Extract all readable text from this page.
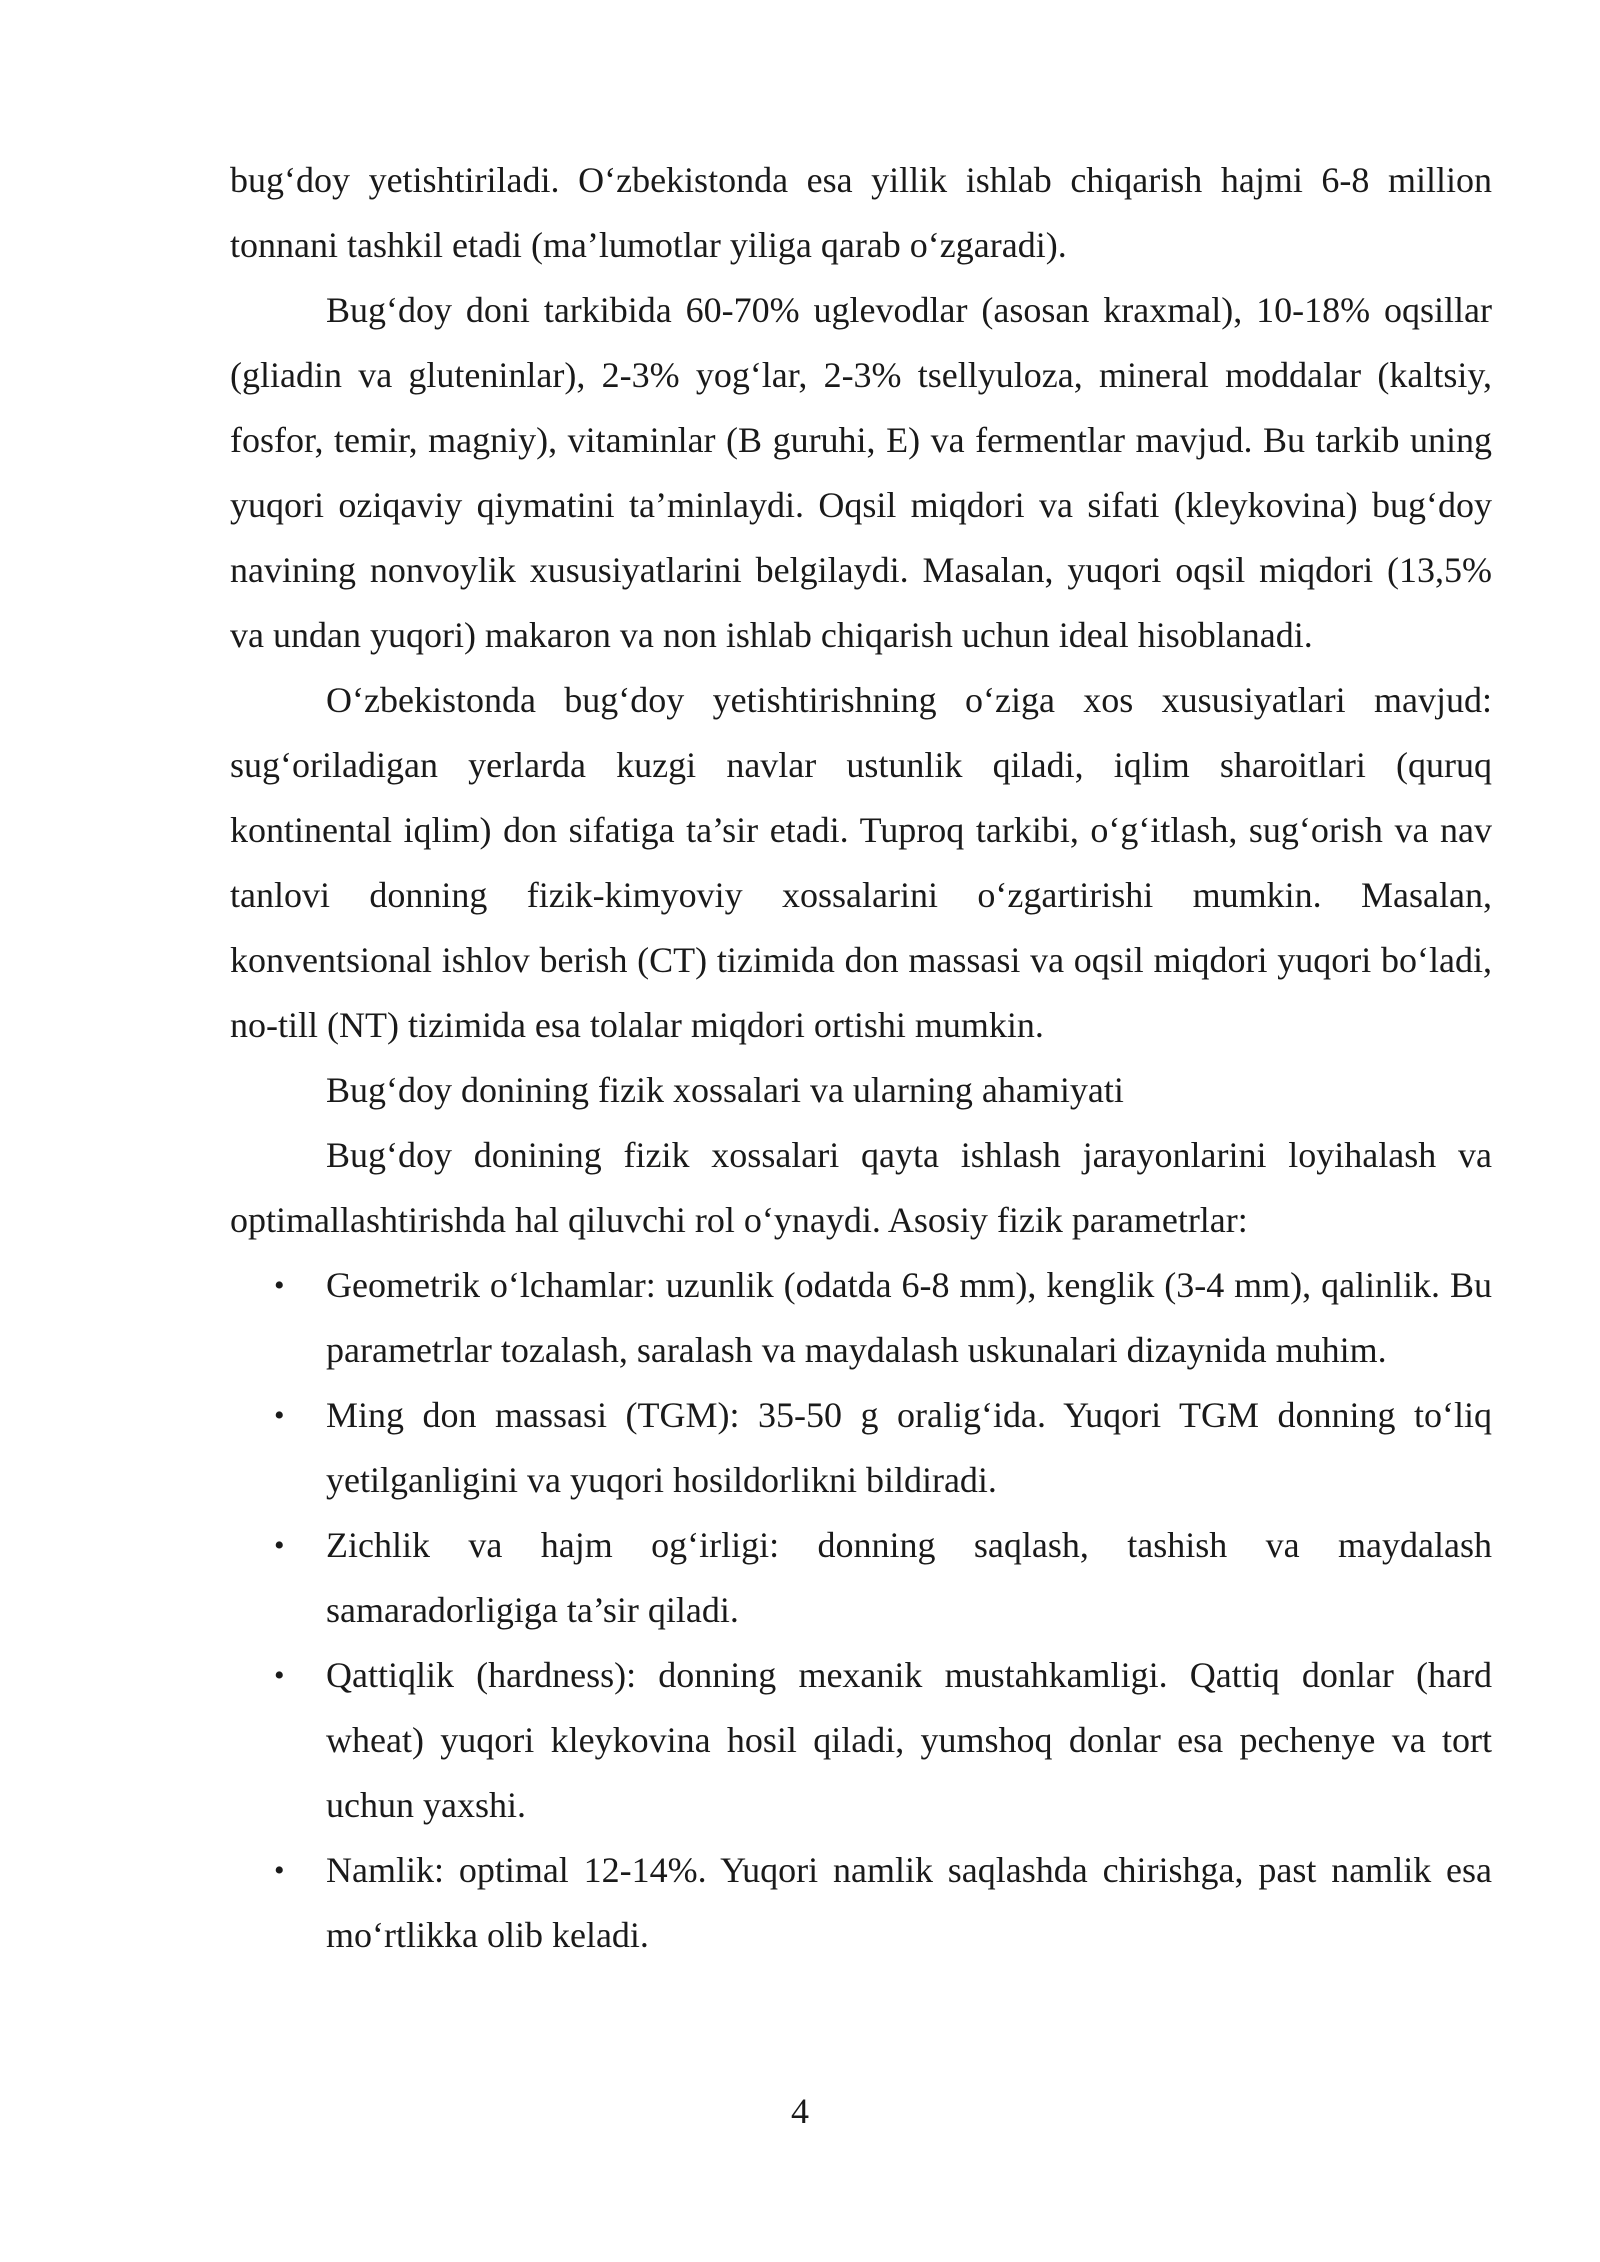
bug‘doy yetishtiriladi. O‘zbekistonda esa yillik ishlab chiqarish hajmi 6-8 million tonnani tashkil etadi (ma’lumotlar yiliga qarab o‘zgaradi).

Bug‘doy doni tarkibida 60-70% uglevodlar (asosan kraxmal), 10-18% oqsillar (gliadin va gluteninlar), 2-3% yog‘lar, 2-3% tsellyuloza, mineral moddalar (kaltsiy, fosfor, temir, magniy), vitaminlar (B guruhi, E) va fermentlar mavjud. Bu tarkib uning yuqori oziqaviy qiymatini ta’minlaydi. Oqsil miqdori va sifati (kleykovina) bug‘doy navining nonvoylik xususiyatlarini belgilaydi. Masalan, yuqori oqsil miqdori (13,5% va undan yuqori) makaron va non ishlab chiqarish uchun ideal hisoblanadi.

O‘zbekistonda bug‘doy yetishtirishning o‘ziga xos xususiyatlari mavjud: sug‘oriladigan yerlarda kuzgi navlar ustunlik qiladi, iqlim sharoitlari (quruq kontinental iqlim) don sifatiga ta’sir etadi. Tuproq tarkibi, o‘g‘itlash, sug‘orish va nav tanlovi donning fizik-kimyoviy xossalarini o‘zgartirishi mumkin. Masalan, konventsional ishlov berish (CT) tizimida don massasi va oqsil miqdori yuqori bo‘ladi, no-till (NT) tizimida esa tolalar miqdori ortishi mumkin.

Bug‘doy donining fizik xossalari va ularning ahamiyati

Bug‘doy donining fizik xossalari qayta ishlash jarayonlarini loyihalash va optimallashtirishda hal qiluvchi rol o‘ynaydi. Asosiy fizik parametrlar:

• Geometrik o‘lchamlar: uzunlik (odatda 6-8 mm), kenglik (3-4 mm), qalinlik. Bu parametrlar tozalash, saralash va maydalash uskunalari dizaynida muhim.
• Ming don massasi (TGM): 35-50 g oralig‘ida. Yuqori TGM donning to‘liq yetilganligini va yuqori hosildorlikni bildiradi.
• Zichlik va hajm og‘irligi: donning saqlash, tashish va maydalash samaradorligiga ta’sir qiladi.
• Qattiqlik (hardness): donning mexanik mustahkamligi. Qattiq donlar (hard wheat) yuqori kleykovina hosil qiladi, yumshoq donlar esa pechenye va tort uchun yaxshi.
• Namlik: optimal 12-14%. Yuqori namlik saqlashda chirishga, past namlik esa mo‘rtlikka olib keladi.
4
